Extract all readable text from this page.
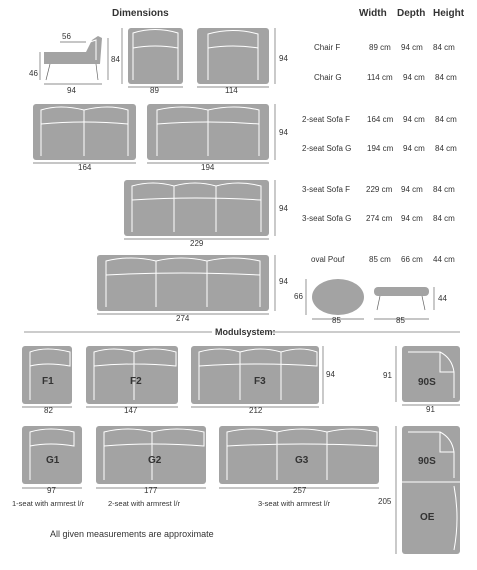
Dimensions	Width Depth Height
Chair F	89 cm 94 cm 84 cm
Chair G	114 cm 94 cm 84 cm
2-seat Sofa F 164 cm 94 cm 84 cm
2-seat Sofa G 194 cm 94 cm 84 cm
3-seat Sofa F 229 cm 94 cm 84 cm
3-seat Sofa G 274 cm 94 cm 84 cm
oval Pouf	85 cm 66 cm 44 cm
56
84
46
94	89	114
94
164	194
94
229
94
274
94
66
85	85
44
Modulsystem:
F1
82
F2
147
F3
212
94
90S
91
91
G1
97
G2
177
G3
257
90S
OE
205
1-seat with armrest l/r	2-seat with armrest l/r	3-seat with armrest l/r
All given measurements are approximate
